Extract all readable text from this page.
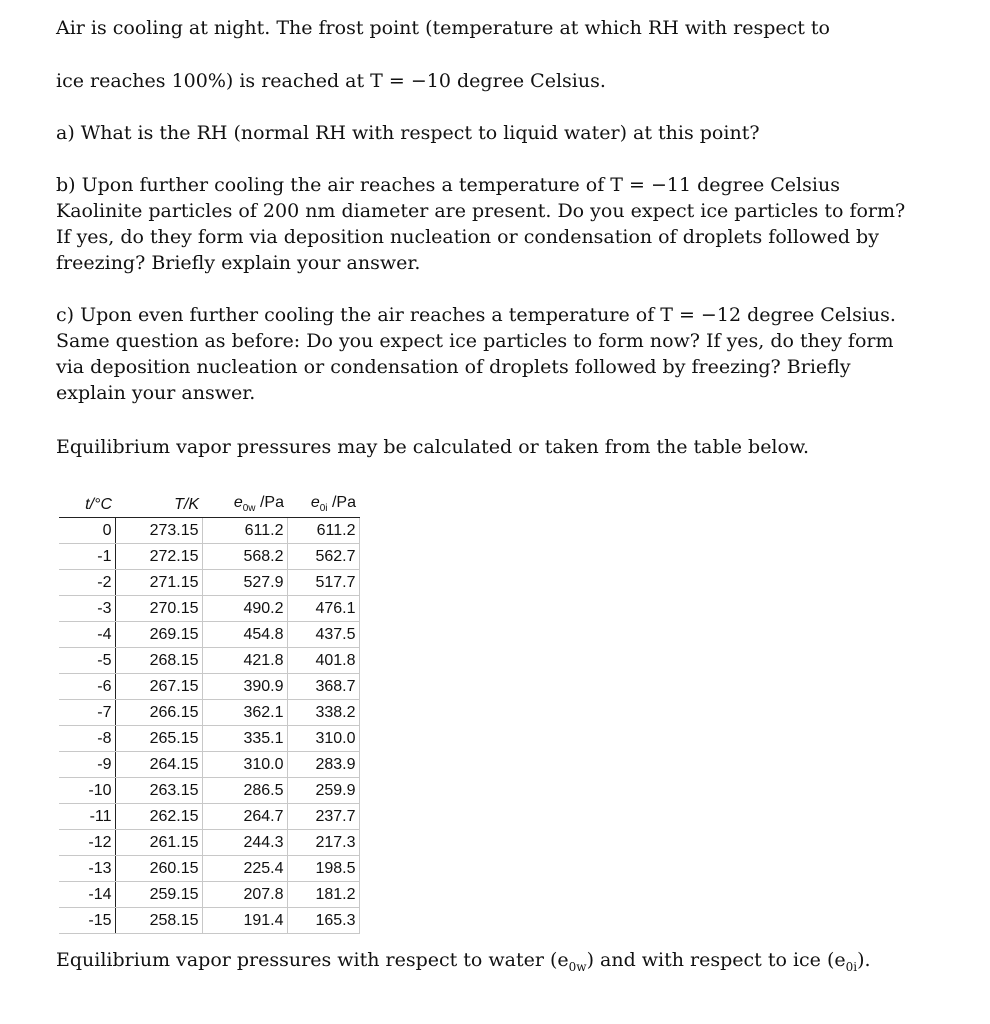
Air is cooling at night. The frost point (temperature at which RH with respect to

ice reaches 100%) is reached at T = −10 degree Celsius.

a) What is the RH (normal RH with respect to liquid water) at this point?

b) Upon further cooling the air reaches a temperature of T = −11 degree Celsius
Kaolinite particles of 200 nm diameter are present. Do you expect ice particles to form?
If yes, do they form via deposition nucleation or condensation of droplets followed by
freezing? Briefly explain your answer.
c) Upon even further cooling the air reaches a temperature of T = −12 degree Celsius.
Same question as before: Do you expect ice particles to form now? If yes, do they form
via deposition nucleation or condensation of droplets followed by freezing? Briefly
explain your answer.

Equilibrium vapor pressures may be calculated or taken from the table below.

t/°C	T/K	$e_{0w}$ /Pa	$e_{0i}$ /Pa
0	273.15	611.2	611.2
-1	272.15	568.2	562.7
-2	271.15	527.9	517.7
-3	270.15	490.2	476.1
-4	269.15	454.8	437.5
-5	268.15	421.8	401.8
-6	267.15	390.9	368.7
-7	266.15	362.1	338.2
-8	265.15	335.1	310.0
-9	264.15	310.0	283.9
-10	263.15	286.5	259.9
-11	262.15	264.7	237.7
-12	261.15	244.3	217.3
-13	260.15	225.4	198.5
-14	259.15	207.8	181.2
-15	258.15	191.4	165.3

Equilibrium vapor pressures with respect to water $(e_{0w})$ and with respect to ice $(e_{0i})$.
